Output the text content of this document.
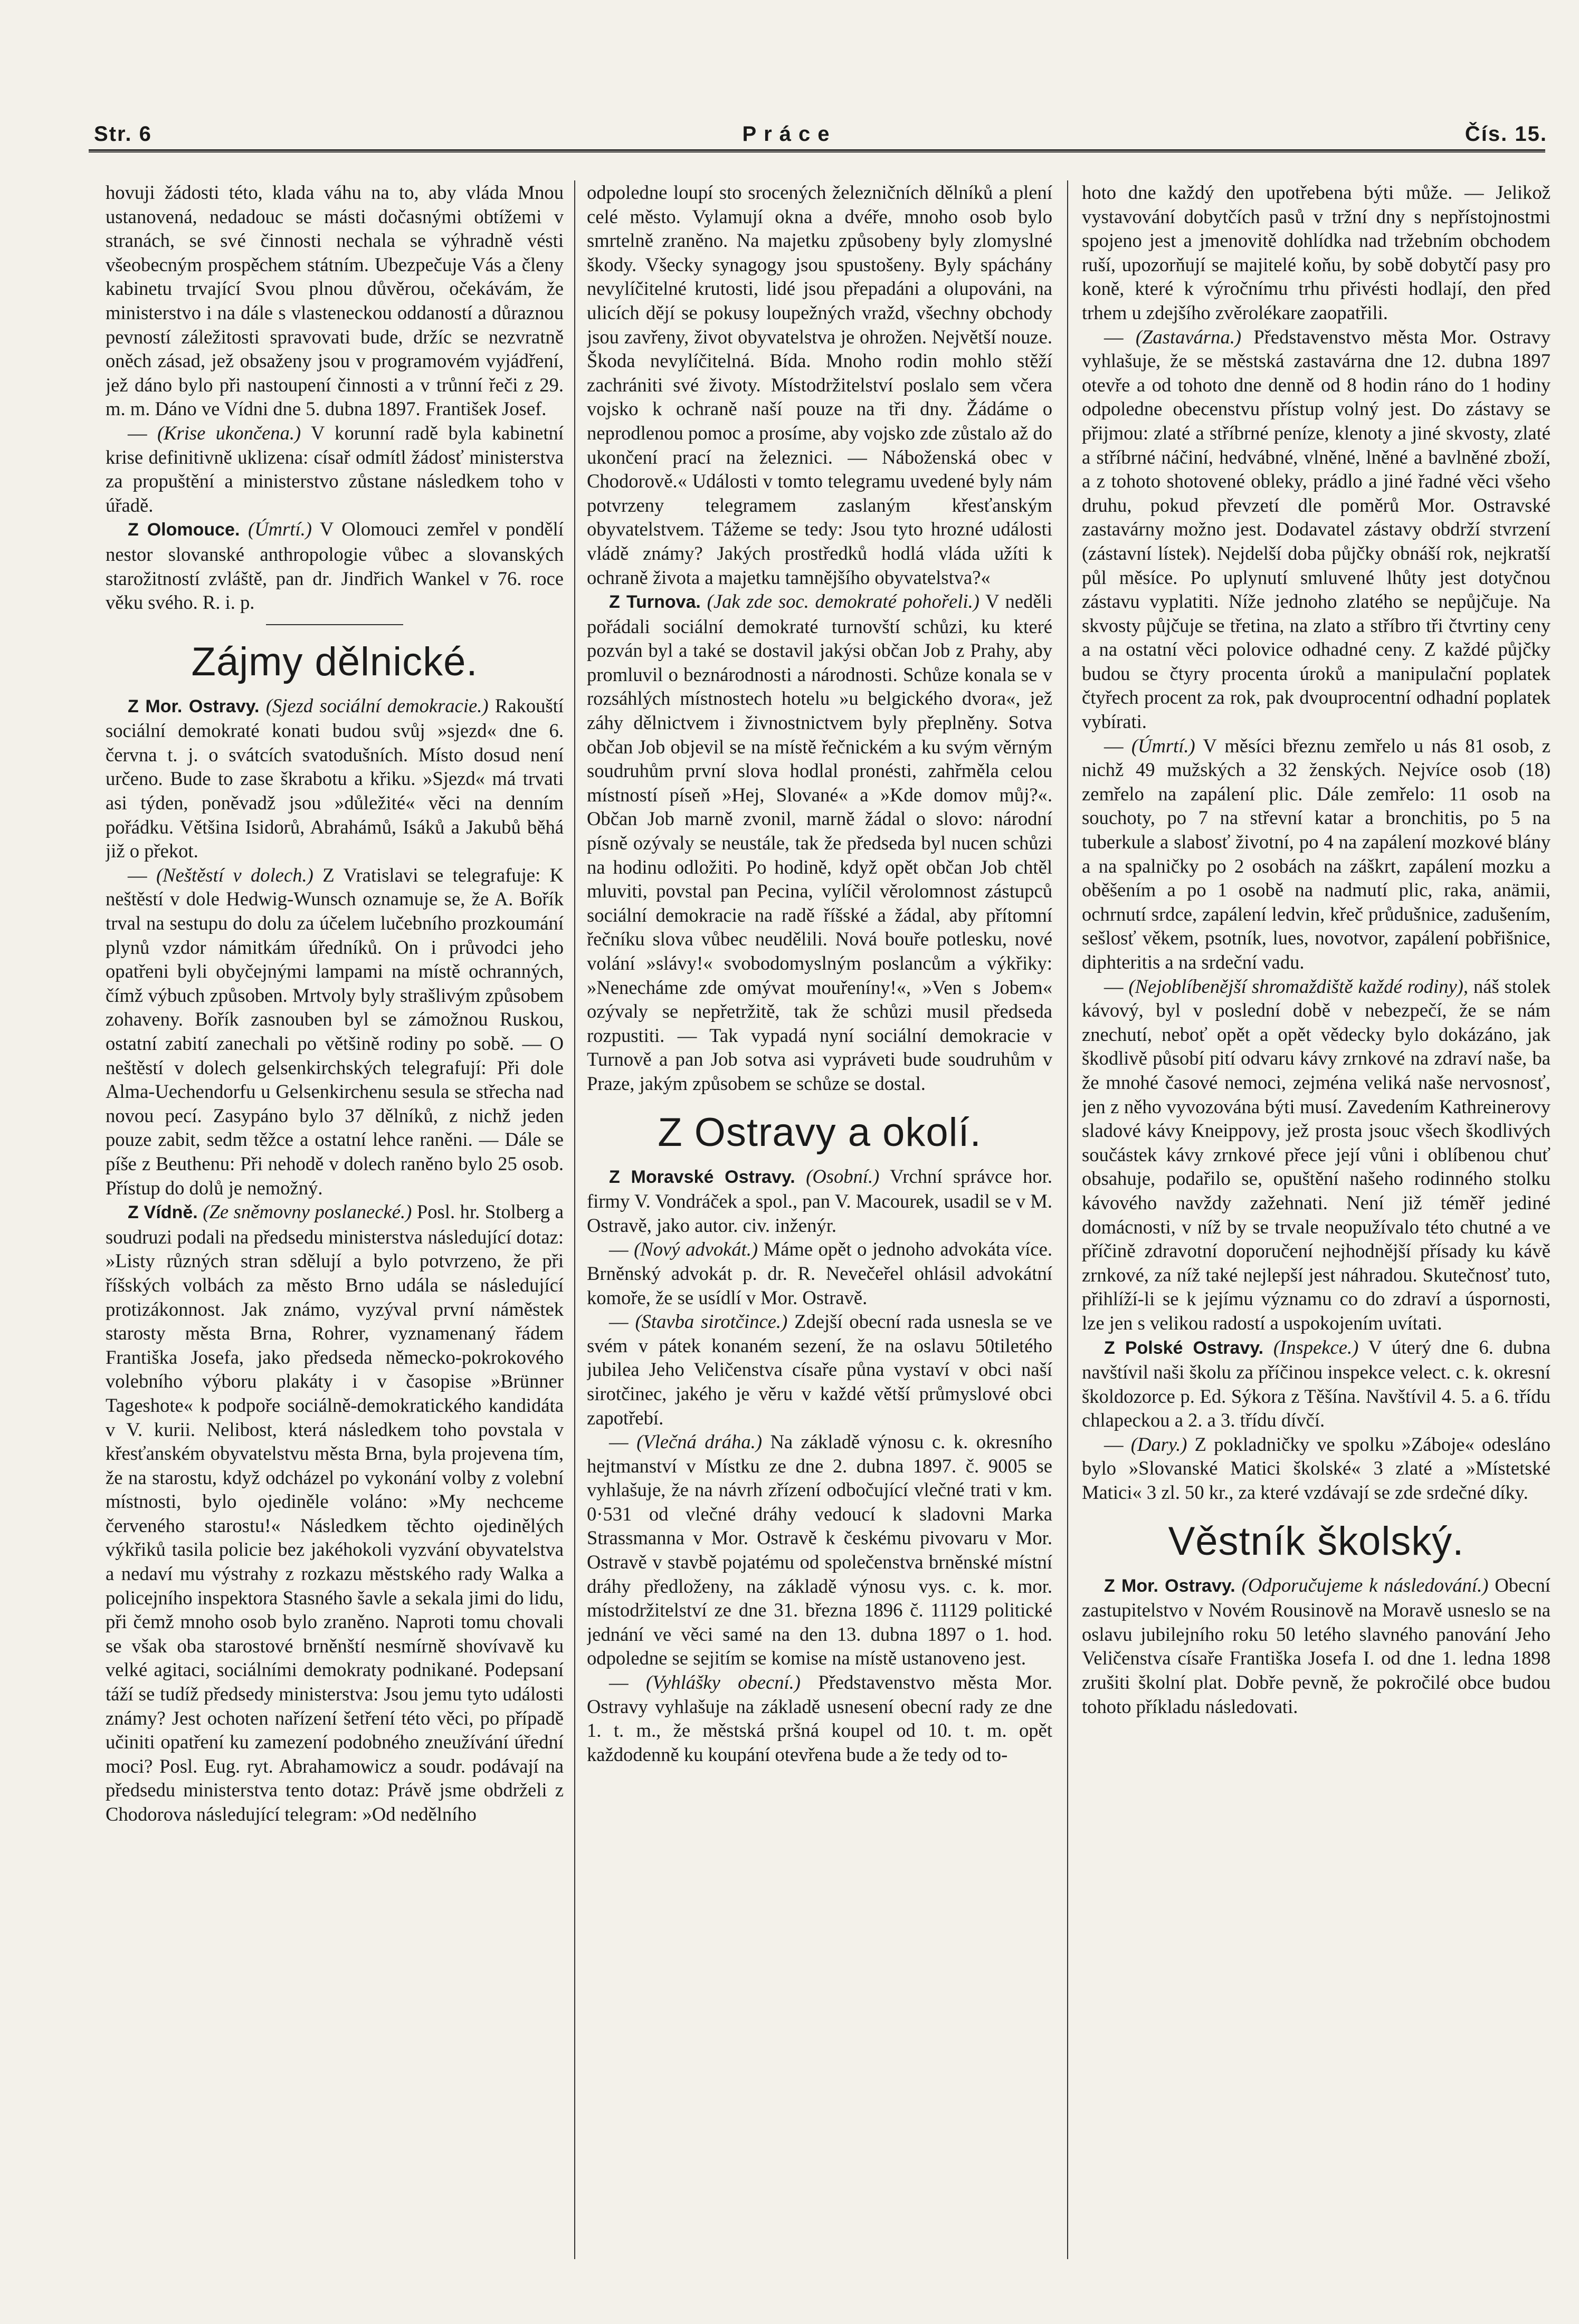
Str. 6	Práce	Čís. 15.

hovuji žádosti této, klada váhu na to, aby vláda Mnou ustanovená, nedadouc se másti dočasnými obtížemi v stranách, se své činnosti nechala se výhradně vésti všeobecným prospěchem státním. Ubezpečuje Vás a členy kabinetu trvající Svou plnou důvěrou, očekávám, že ministerstvo i na dále s vlasteneckou oddaností a důraznou pevností záležitosti spravovati bude, držíc se nezvratně oněch zásad, jež obsaženy jsou v programovém vyjádření, jež dáno bylo při nastoupení činnosti a v trůnní řeči z 29. m. m. Dáno ve Vídni dne 5. dubna 1897. František Josef.

— (Krise ukončena.) V korunní radě byla kabinetní krise definitivně uklizena: císař odmítl žádosť ministerstva za propuštění a ministerstvo zůstane následkem toho v úřadě.

Z Olomouce. (Úmrtí.) V Olomouci zemřel v pondělí nestor slovanské anthropologie vůbec a slovanských starožitností zvláště, pan dr. Jindřich Wankel v 76. roce věku svého. R. i. p.

Zájmy dělnické.

Z Mor. Ostravy. (Sjezd sociální demokracie.) Rakouští sociální demokraté konati budou svůj »sjezd« dne 6. června t. j. o svátcích svatodušních. Místo dosud není určeno. Bude to zase škrabotu a křiku. »Sjezd« má trvati asi týden, poněvadž jsou »důležité« věci na denním pořádku. Většina Isidorů, Abrahámů, Isáků a Jakubů běhá již o překot.

— (Neštěstí v dolech.) Z Vratislavi se telegrafuje: K neštěstí v dole Hedwig-Wunsch oznamuje se, že A. Bořík trval na sestupu do dolu za účelem lučebního prozkoumání plynů vzdor námitkám úředníků. On i průvodci jeho opatřeni byli obyčejnými lampami na místě ochranných, čímž výbuch způsoben. Mrtvoly byly strašlivým způsobem zohaveny. Bořík zasnouben byl se zámožnou Ruskou, ostatní zabití zanechali po většině rodiny po sobě. — O neštěstí v dolech gelsenkirchských telegrafují: Při dole Alma-Uechendorfu u Gelsenkirchenu sesula se střecha nad novou pecí. Zasypáno bylo 37 dělníků, z nichž jeden pouze zabit, sedm těžce a ostatní lehce raněni. — Dále se píše z Beuthenu: Při nehodě v dolech raněno bylo 25 osob. Přístup do dolů je nemožný.

Z Vídně. (Ze sněmovny poslanecké.) Posl. hr. Stolberg a soudruzi podali na předsedu ministerstva následující dotaz: »Listy různých stran sdělují a bylo potvrzeno, že při říšských volbách za město Brno udála se následující protizákonnost. Jak známo, vyzýval první náměstek starosty města Brna, Rohrer, vyznamenaný řádem Františka Josefa, jako předseda německo-pokrokového volebního výboru plakáty i v časopise »Brünner Tageshote« k podpoře sociálně-demokratického kandidáta v V. kurii. Nelibost, která následkem toho povstala v křesťanském obyvatelstvu města Brna, byla projevena tím, že na starostu, když odcházel po vykonání volby z volební místnosti, bylo ojediněle voláno: »My nechceme červeného starostu!« Následkem těchto ojedinělých výkřiků tasila policie bez jakéhokoli vyzvání obyvatelstva a nedaví mu výstrahy z rozkazu městského rady Walka a policejního inspektora Stasného šavle a sekala jimi do lidu, při čemž mnoho osob bylo zraněno. Naproti tomu chovali se však oba starostové brněnští nesmírně shovívavě ku velké agitaci, sociálními demokraty podnikané. Podepsaní táží se tudíž předsedy ministerstva: Jsou jemu tyto události známy? Jest ochoten nařízení šetření této věci, po případě učiniti opatření ku zamezení podobného zneužívání úřední moci? Posl. Eug. ryt. Abrahamowicz a soudr. podávají na předsedu ministerstva tento dotaz: Právě jsme obdrželi z Chodorova následující telegram: »Od nedělního

odpoledne loupí sto srocených železničních dělníků a plení celé město. Vylamují okna a dvéře, mnoho osob bylo smrtelně zraněno. Na majetku způsobeny byly zlomyslné škody. Všecky synagogy jsou spustošeny. Byly spáchány nevylíčitelné krutosti, lidé jsou přepadáni a olupováni, na ulicích dějí se pokusy loupežných vražd, všechny obchody jsou zavřeny, život obyvatelstva je ohrožen. Největší nouze. Škoda nevylíčitelná. Bída. Mnoho rodin mohlo stěží zachrániti své životy. Místodržitelství poslalo sem včera vojsko k ochraně naší pouze na tři dny. Žádáme o neprodlenou pomoc a prosíme, aby vojsko zde zůstalo až do ukončení prací na železnici. — Náboženská obec v Chodorově.« Události v tomto telegramu uvedené byly nám potvrzeny telegramem zaslaným křesťanským obyvatelstvem. Tážeme se tedy: Jsou tyto hrozné události vládě známy? Jakých prostředků hodlá vláda užíti k ochraně života a majetku tamnějšího obyvatelstva?«

Z Turnova. (Jak zde soc. demokraté pohořeli.) V neděli pořádali sociální demokraté turnovští schůzi, ku které pozván byl a také se dostavil jakýsi občan Job z Prahy, aby promluvil o beznárodnosti a národnosti. Schůze konala se v rozsáhlých místnostech hotelu »u belgického dvora«, jež záhy dělnictvem i živnostnictvem byly přeplněny. Sotva občan Job objevil se na místě řečnickém a ku svým věrným soudruhům první slova hodlal pronésti, zahřměla celou místností píseň »Hej, Slované« a »Kde domov můj?«. Občan Job marně zvonil, marně žádal o slovo: národní písně ozývaly se neustále, tak že předseda byl nucen schůzi na hodinu odložiti. Po hodině, když opět občan Job chtěl mluviti, povstal pan Pecina, vylíčil věrolomnost zástupců sociální demokracie na radě říšské a žádal, aby přítomní řečníku slova vůbec neudělili. Nová bouře potlesku, nové volání »slávy!« svobodomyslným poslancům a výkřiky: »Nenecháme zde omývat mouřeníny!«, »Ven s Jobem« ozývaly se nepřetržitě, tak že schůzi musil předseda rozpustiti. — Tak vypadá nyní sociální demokracie v Turnově a pan Job sotva asi vypráveti bude soudruhům v Praze, jakým způsobem se schůze se dostal.

Z Ostravy a okolí.

Z Moravské Ostravy. (Osobní.) Vrchní správce hor. firmy V. Vondráček a spol., pan V. Macourek, usadil se v M. Ostravě, jako autor. civ. inženýr.

— (Nový advokát.) Máme opět o jednoho advokáta více. Brněnský advokát p. dr. R. Nevečeřel ohlásil advokátní komoře, že se usídlí v Mor. Ostravě.

— (Stavba sirotčince.) Zdejší obecní rada usnesla se ve svém v pátek konaném sezení, že na oslavu 50tiletého jubilea Jeho Veličenstva císaře půna vystaví v obci naší sirotčinec, jakého je věru v každé větší průmyslové obci zapotřebí.

— (Vlečná dráha.) Na základě výnosu c. k. okresního hejtmanství v Místku ze dne 2. dubna 1897. č. 9005 se vyhlašuje, že na návrh zřízení odbočující vlečné trati v km. 0·531 od vlečné dráhy vedoucí k sladovni Marka Strassmanna v Mor. Ostravě k českému pivovaru v Mor. Ostravě v stavbě pojatému od společenstva brněnské místní dráhy předloženy, na základě výnosu vys. c. k. mor. místodržitelství ze dne 31. března 1896 č. 11129 politické jednání ve věci samé na den 13. dubna 1897 o 1. hod. odpoledne se sejitím se komise na místě ustanoveno jest.

— (Vyhlášky obecní.) Představenstvo města Mor. Ostravy vyhlašuje na základě usnesení obecní rady ze dne 1. t. m., že městská pršná koupel od 10. t. m. opět každodenně ku koupání otevřena bude a že tedy od to-

hoto dne každý den upotřebena býti může. — Jelikož vystavování dobytčích pasů v tržní dny s nepřístojnostmi spojeno jest a jmenovitě dohlídka nad tržebním obchodem ruší, upozorňují se majitelé koňu, by sobě dobytčí pasy pro koně, které k výročnímu trhu přivésti hodlají, den před trhem u zdejšího zvěrolékare zaopatřili.

— (Zastavárna.) Představenstvo města Mor. Ostravy vyhlašuje, že se městská zastavárna dne 12. dubna 1897 otevře a od tohoto dne denně od 8 hodin ráno do 1 hodiny odpoledne obecenstvu přístup volný jest. Do zástavy se přijmou: zlaté a stříbrné peníze, klenoty a jiné skvosty, zlaté a stříbrné náčiní, hedvábné, vlněné, lněné a bavlněné zboží, a z tohoto shotovené obleky, prádlo a jiné řadné věci všeho druhu, pokud převzetí dle poměrů Mor. Ostravské zastavárny možno jest. Dodavatel zástavy obdrží stvrzení (zástavní lístek). Nejdelší doba půjčky obnáší rok, nejkratší půl měsíce. Po uplynutí smluvené lhůty jest dotyčnou zástavu vyplatiti. Níže jednoho zlatého se nepůjčuje. Na skvosty půjčuje se třetina, na zlato a stříbro tři čtvrtiny ceny a na ostatní věci polovice odhadné ceny. Z každé půjčky budou se čtyry procenta úroků a manipulační poplatek čtyřech procent za rok, pak dvouprocentní odhadní poplatek vybírati.

— (Úmrtí.) V měsíci březnu zemřelo u nás 81 osob, z nichž 49 mužských a 32 ženských. Nejvíce osob (18) zemřelo na zapálení plic. Dále zemřelo: 11 osob na souchoty, po 7 na střevní katar a bronchitis, po 5 na tuberkule a slabosť životní, po 4 na zapálení mozkové blány a na spalničky po 2 osobách na záškrt, zapálení mozku a oběšením a po 1 osobě na nadmutí plic, raka, anämii, ochrnutí srdce, zapálení ledvin, křeč průdušnice, zadušením, sešlosť věkem, psotník, lues, novotvor, zapálení pobřišnice, diphteritis a na srdeční vadu.

— (Nejoblíbenější shromaždiště každé rodiny), náš stolek kávový, byl v poslední době v nebezpečí, že se nám znechutí, neboť opět a opět vědecky bylo dokázáno, jak škodlivě působí pití odvaru kávy zrnkové na zdraví naše, ba že mnohé časové nemoci, zejména veliká naše nervosnosť, jen z něho vyvozována býti musí. Zavedením Kathreinerovy sladové kávy Kneippovy, jež prosta jsouc všech škodlivých součástek kávy zrnkové přece její vůni i oblíbenou chuť obsahuje, podařilo se, opuštění našeho rodinného stolku kávového navždy zažehnati. Není již téměř jediné domácnosti, v níž by se trvale neopužívalo této chutné a ve příčině zdravotní doporučení nejhodnější přísady ku kávě zrnkové, za níž také nejlepší jest náhradou. Skutečnosť tuto, přihlíží-li se k jejímu významu co do zdraví a úspornosti, lze jen s velikou radostí a uspokojením uvítati.

Z Polské Ostravy. (Inspekce.) V úterý dne 6. dubna navštívil naši školu za příčinou inspekce velect. c. k. okresní školdozorce p. Ed. Sýkora z Těšína. Navštívil 4. 5. a 6. třídu chlapeckou a 2. a 3. třídu dívčí.

— (Dary.) Z pokladničky ve spolku »Záboje« odesláno bylo »Slovanské Matici školské« 3 zlaté a »Místetské Matici« 3 zl. 50 kr., za které vzdávají se zde srdečné díky.

Věstník školský.

Z Mor. Ostravy. (Odporučujeme k následování.) Obecní zastupitelstvo v Novém Rousinově na Moravě usneslo se na oslavu jubilejního roku 50 letého slavného panování Jeho Veličenstva císaře Františka Josefa I. od dne 1. ledna 1898 zrušiti školní plat. Dobře pevně, že pokročilé obce budou tohoto příkladu následovati.
